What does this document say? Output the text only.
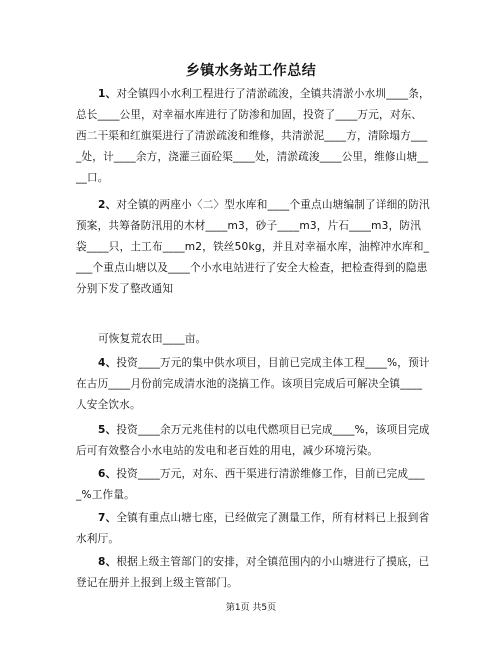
乡镇水务站工作总结

1、对全镇四小水利工程进行了清淤疏浚，全镇共清淤小水圳____条，总长____公里，对幸福水库进行了防渗和加固，投资了____万元，对东、西二干渠和红旗渠进行了清淤疏浚和维修，共清淤泥____方，清除塌方____处，计____余方，浇灌三面砼渠____处，清淤疏浚____公里，维修山塘____口。

2、对全镇的两座小〈二〉型水库和____个重点山塘编制了详细的防汛预案，共筹备防汛用的木材____m3，砂子____m3，片石____m3，防汛袋____只，土工布____m2，铁丝50kg，并且对幸福水库，油榨冲水库和____个重点山塘以及____个小水电站进行了安全大检查，把检查得到的隐患分别下发了整改通知

可恢复荒农田____亩。

4、投资____万元的集中供水项目，目前已完成主体工程____%，预计在古历____月份前完成清水池的浇搞工作。该项目完成后可解决全镇____人安全饮水。

5、投资____余万元兆佳村的以电代燃项目已完成____%，该项目完成后可有效整合小水电站的发电和老百姓的用电，减少环境污染。

6、投资____万元，对东、西干渠进行清淤维修工作，目前已完成____%工作量。

7、全镇有重点山塘七座，已经做完了测量工作，所有材料已上报到省水利厅。

8、根据上级主管部门的安排，对全镇范围内的小山塘进行了摸底，已登记在册并上报到上级主管部门。

第1页 共5页
